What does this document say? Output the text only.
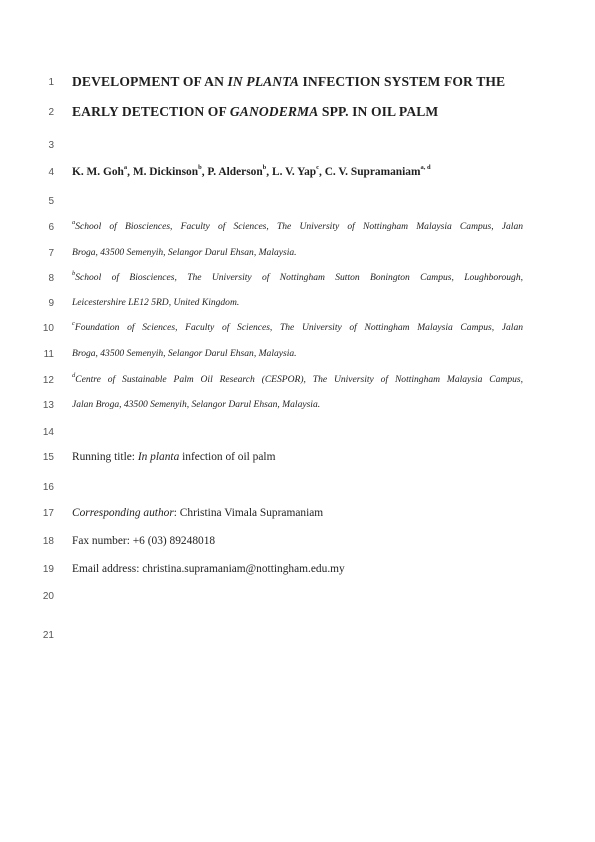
1 DEVELOPMENT OF AN IN PLANTA INFECTION SYSTEM FOR THE
2 EARLY DETECTION OF GANODERMA SPP. IN OIL PALM
3
4 K. M. Goh$^a$, M. Dickinson$^b$, P. Alderson$^b$, L. V. Yap$^c$, C. V. Supramaniam$^{a, d}$
5
6	$^a$School of Biosciences, Faculty of Sciences, The University of Nottingham Malaysia Campus, Jalan
7 Broga, 43500 Semenyih, Selangor Darul Ehsan, Malaysia.
8	$^b$School of Biosciences, The University of Nottingham Sutton Bonington Campus, Loughborough,
9 Leicestershire LE12 5RD, United Kingdom.
10	$^c$Foundation of Sciences, Faculty of Sciences, The University of Nottingham Malaysia Campus, Jalan
11 Broga, 43500 Semenyih, Selangor Darul Ehsan, Malaysia.
12	$^d$Centre of Sustainable Palm Oil Research (CESPOR), The University of Nottingham Malaysia Campus,
13 Jalan Broga, 43500 Semenyih, Selangor Darul Ehsan, Malaysia.
14
15 Running title: In planta infection of oil palm
16
17 Corresponding author: Christina Vimala Supramaniam
18 Fax number: +6 (03) 89248018
19 Email address: christina.supramaniam@nottingham.edu.my
20
21
